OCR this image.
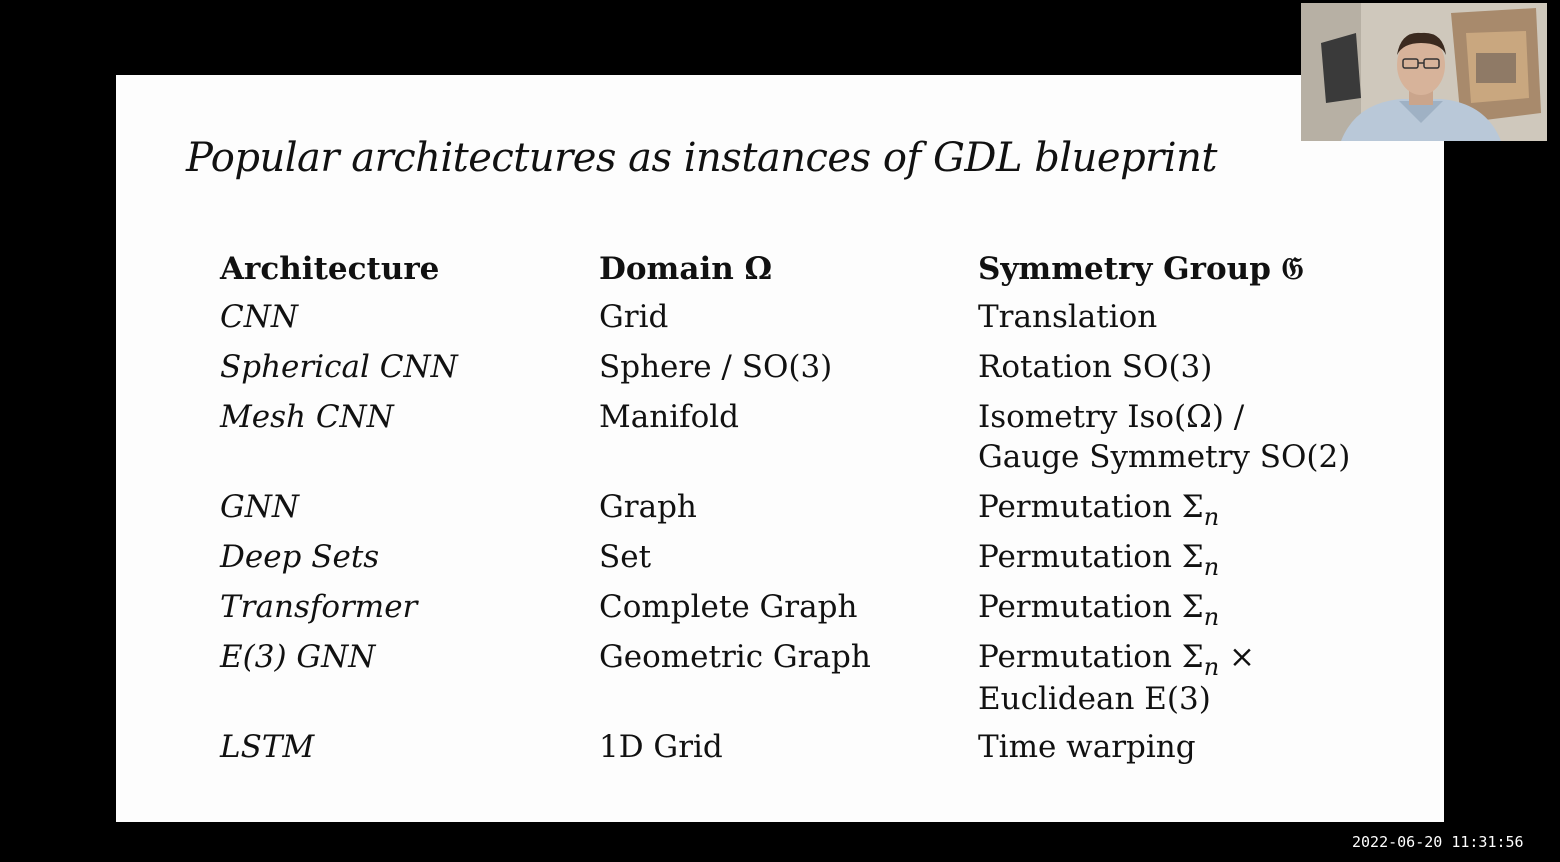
Popular architectures as instances of GDL blueprint
Architecture	Domain Ω	Symmetry Group 𝔊
CNN	Grid	Translation

Spherical CNN	Sphere / SO(3)	Rotation SO(3)

Mesh CNN	Manifold	Isometry Iso(Ω) /
Gauge Symmetry SO(2)

GNN	Graph	Permutation $\Sigma_n$

Deep Sets	Set	Permutation $\Sigma_n$

Transformer	Complete Graph	Permutation $\Sigma_n$

E(3) GNN	Geometric Graph	Permutation $\Sigma_n$ ×
Euclidean E(3)

LSTM	1D Grid	Time warping
2022-06-20 11:31:56
